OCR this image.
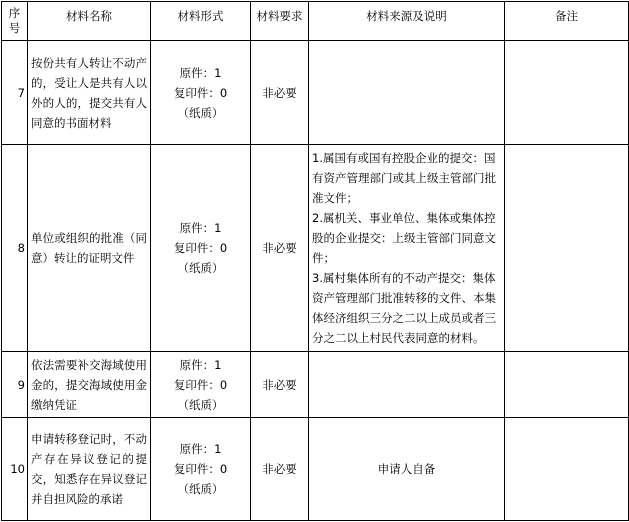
序
号	材料名称	材料形式	材料要求	材料来源及说明	备注
7	按份共有人转让不动产的，受让人是共有人以外的人的，提交共有人同意的书面材料	原件：1
复印件：0
（纸质）	非必要		
8	单位或组织的批准（同意）转让的证明文件	原件：1
复印件：0
（纸质）	非必要	1.属国有或国有控股企业的提交：国有资产管理部门或其上级主管部门批准文件；
2.属机关、事业单位、集体或集体控股的企业提交：上级主管部门同意文件；
3.属村集体所有的不动产提交：集体资产管理部门批准转移的文件、本集体经济组织三分之二以上成员或者三分之二以上村民代表同意的材料。	

9	依法需要补交海域使用金的，提交海域使用金缴纳凭证	原件：1
复印件：0
（纸质）	非必要		
10	申请转移登记时，不动产存在异议登记的提交，知悉存在异议登记并自担风险的承诺	原件：1
复印件：0
（纸质）	非必要	申请人自备	
